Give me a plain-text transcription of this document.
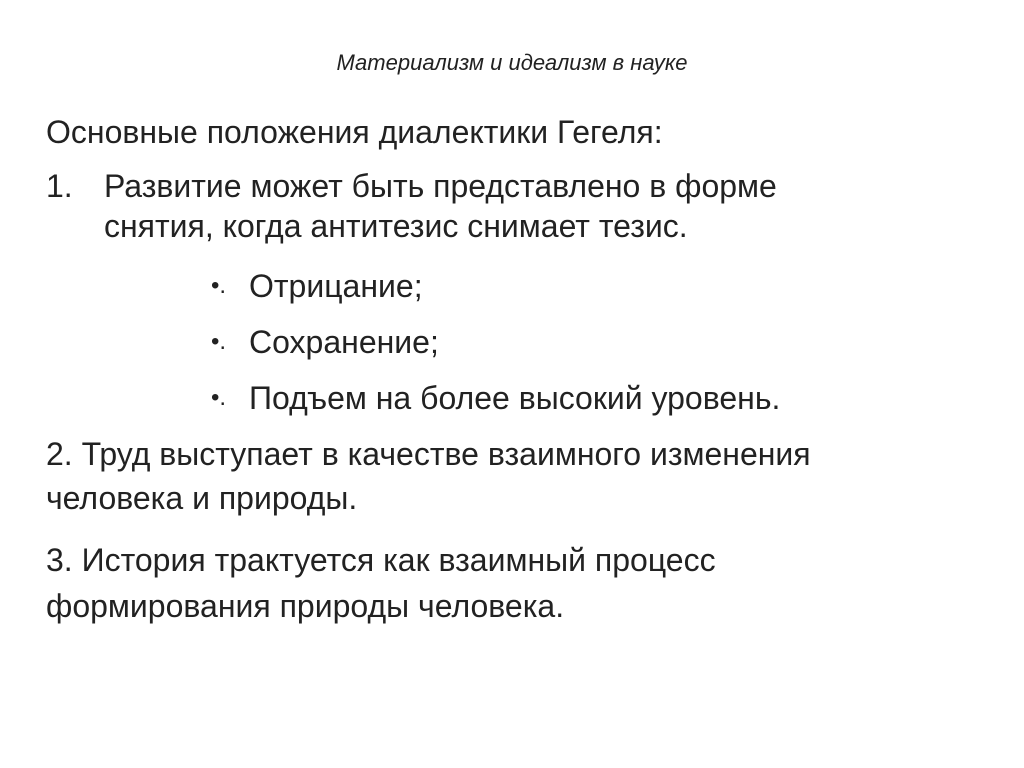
Материализм и идеализм в науке
Основные положения диалектики Гегеля:
1. Развитие может быть представлено в форме
снятия, когда антитезис снимает тезис.
•. Отрицание;
•. Сохранение;
•. Подъем на более высокий уровень.
2. Труд выступает в качестве взаимного изменения
человека и природы.
3. История трактуется как взаимный процесс
формирования природы человека.
